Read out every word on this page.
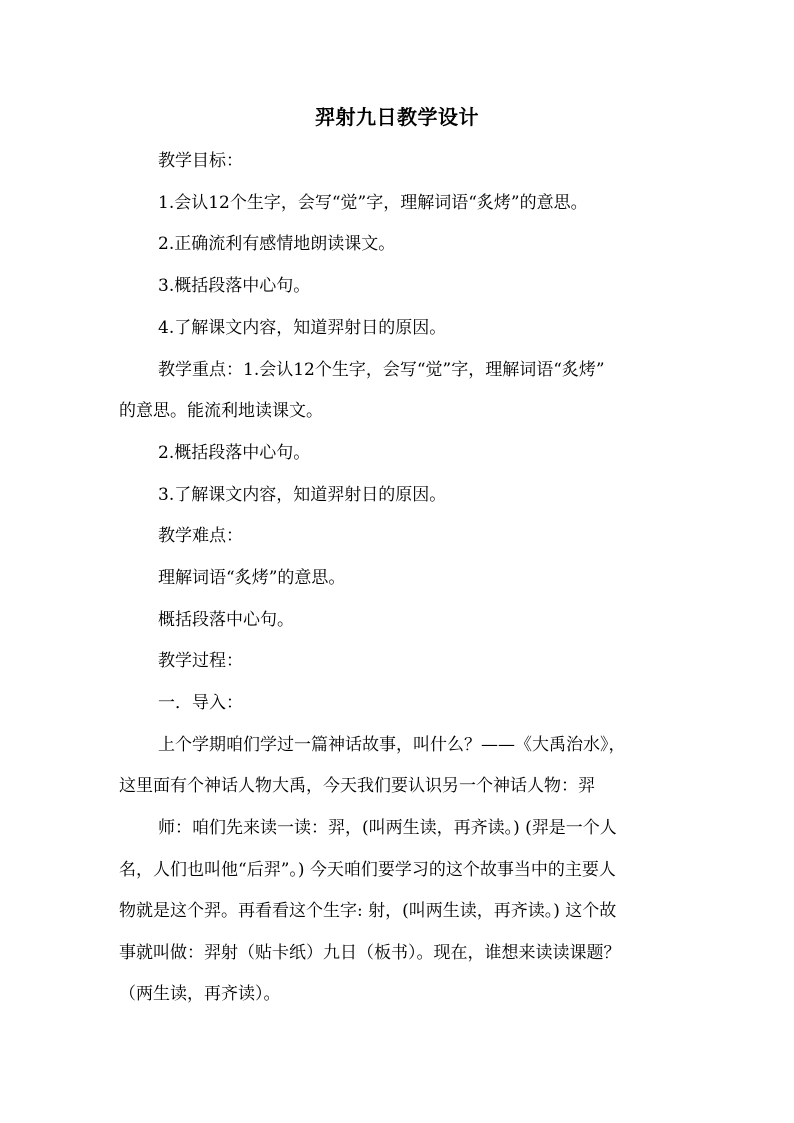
羿射九日教学设计
教学目标：
1.会认12个生字，会写“觉”字，理解词语“炙烤”的意思。
2.正确流利有感情地朗读课文。
3.概括段落中心句。
4.了解课文内容，知道羿射日的原因。
教学重点：1.会认12个生字，会写“觉”字，理解词语“炙烤”
的意思。能流利地读课文。
2.概括段落中心句。
3.了解课文内容，知道羿射日的原因。
教学难点：
理解词语“炙烤”的意思。
概括段落中心句。
教学过程：
一．导入：
上个学期咱们学过一篇神话故事，叫什么？——《大禹治水》，
这里面有个神话人物大禹，今天我们要认识另一个神话人物：羿
师：咱们先来读一读：羿，(叫两生读，再齐读。) (羿是一个人
名，人们也叫他“后羿”。) 今天咱们要学习的这个故事当中的主要人
物就是这个羿。再看看这个生字: 射，(叫两生读，再齐读。) 这个故
事就叫做：羿射（贴卡纸）九日（板书）。现在，谁想来读读课题？
（两生读，再齐读）。
